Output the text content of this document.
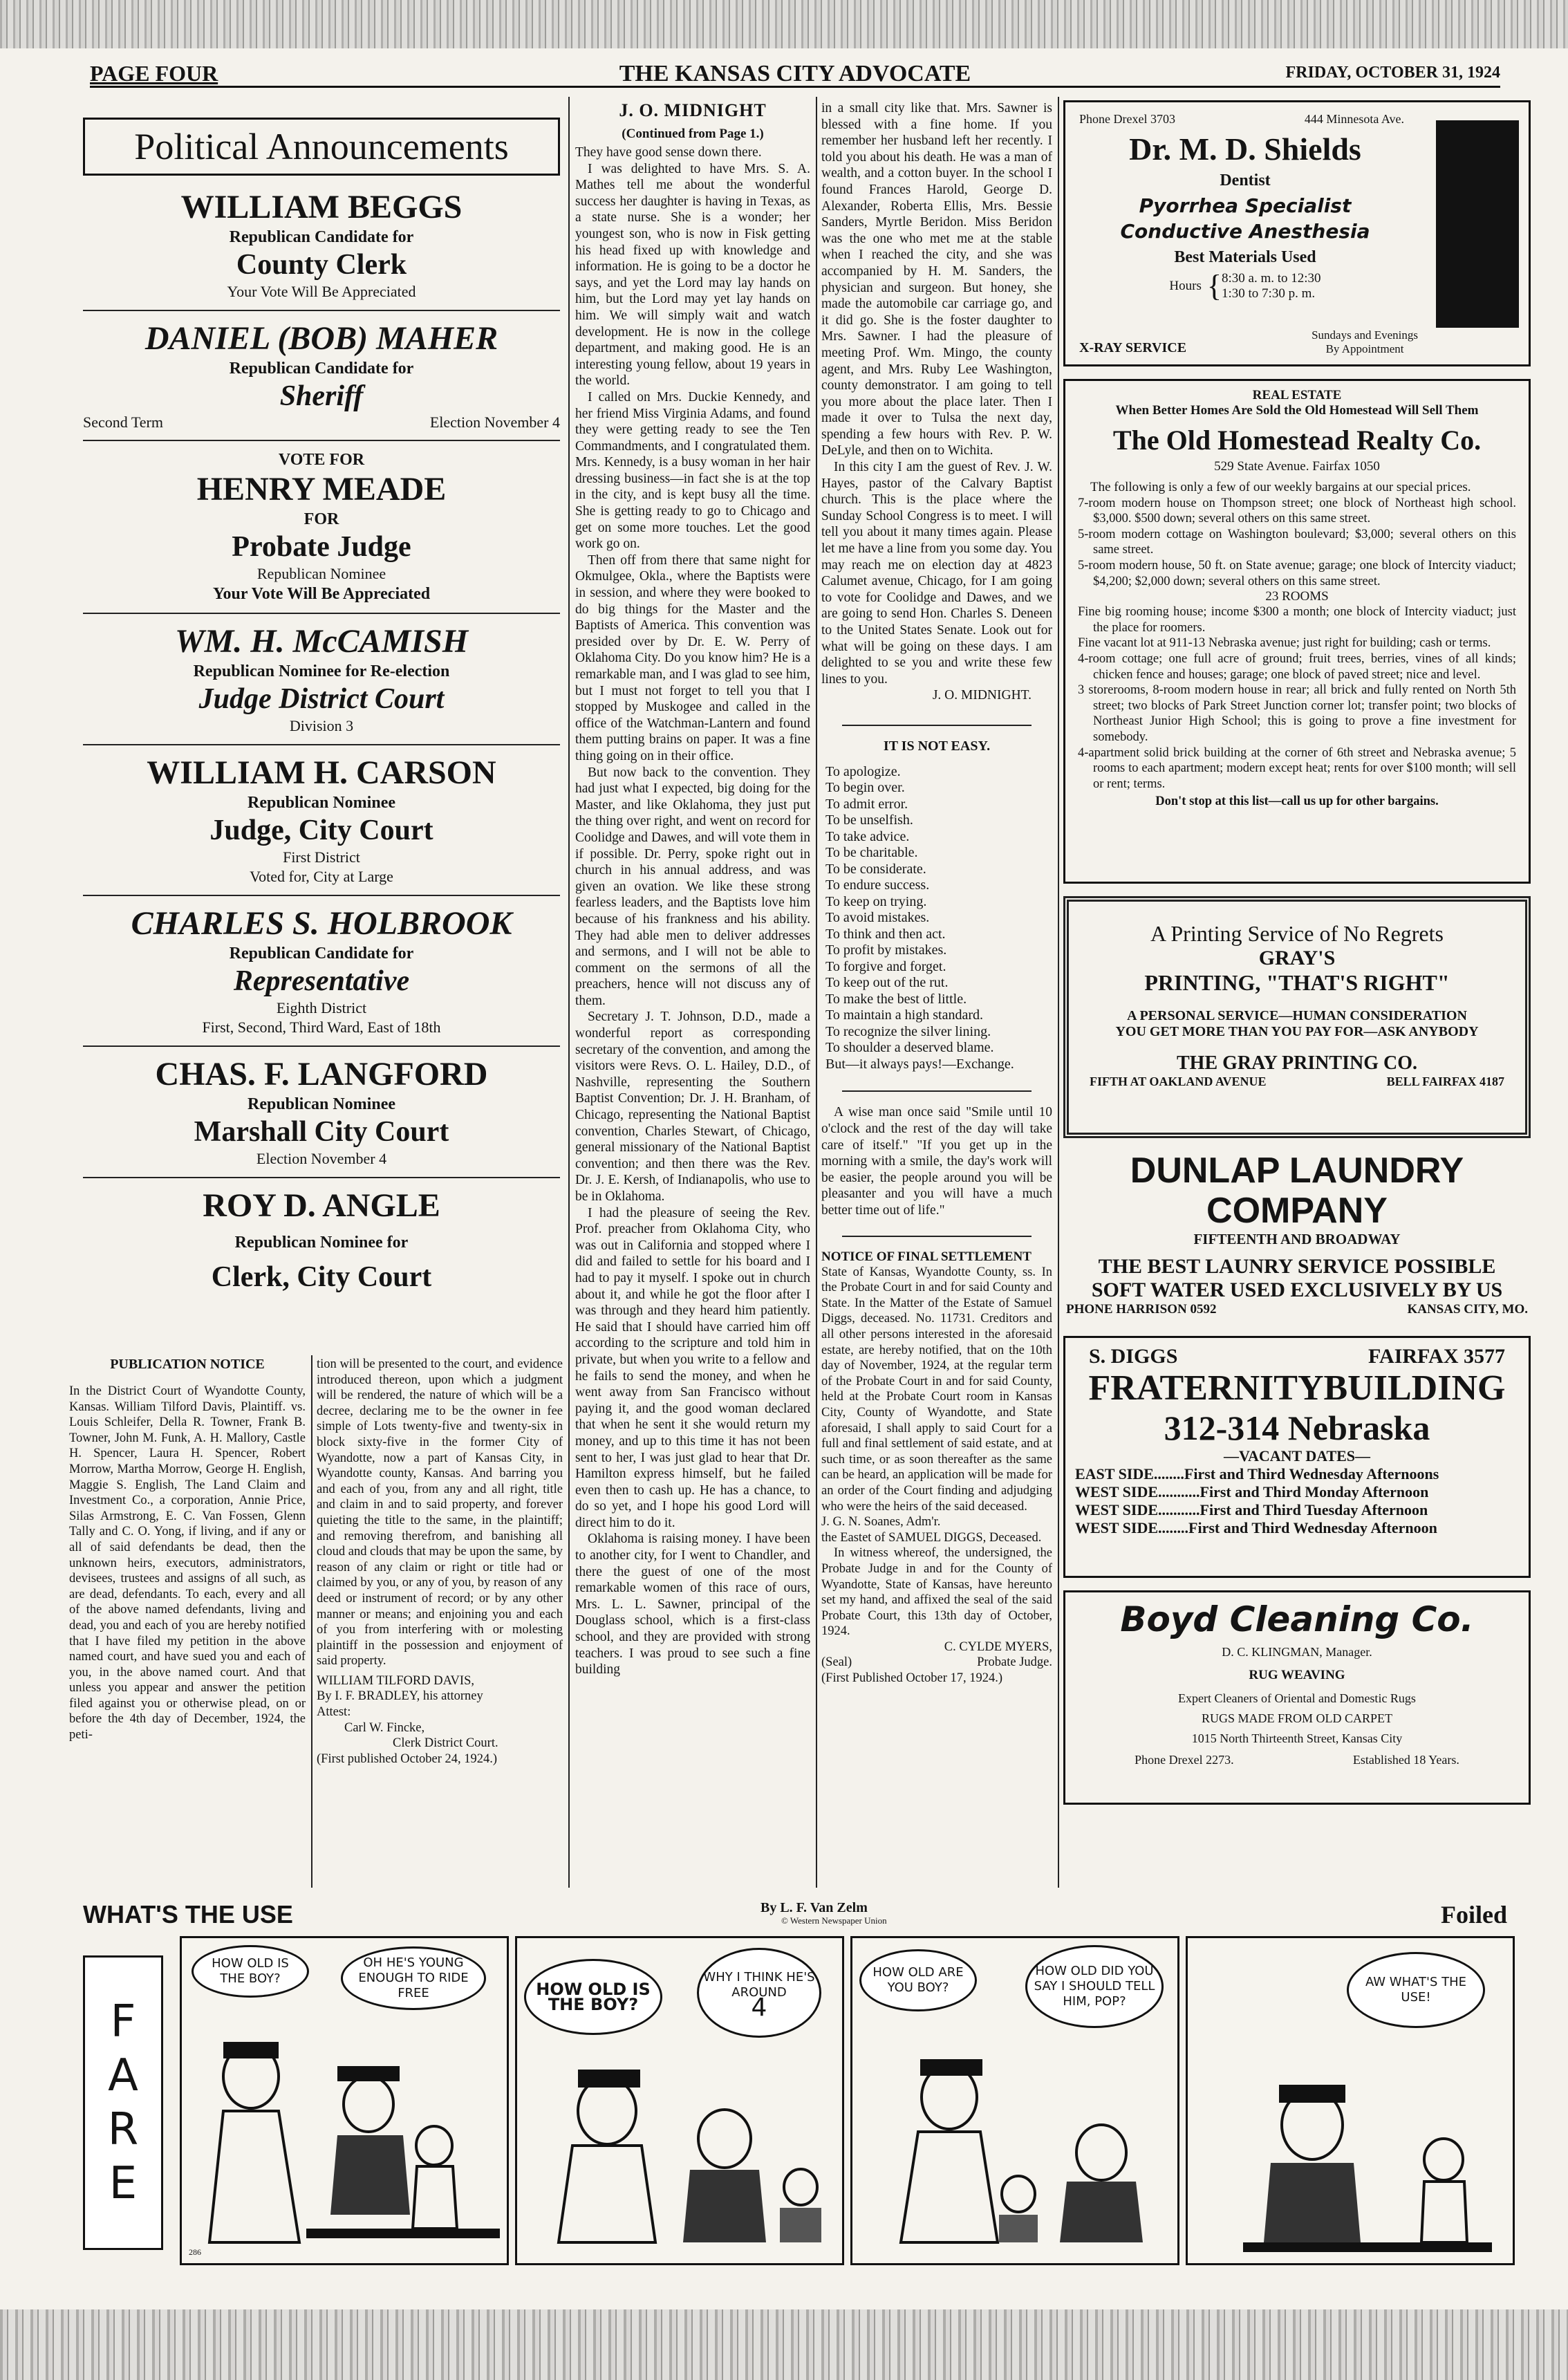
PAGE FOUR	THE KANSAS CITY ADVOCATE	FRIDAY, OCTOBER 31, 1924
Political Announcements
WILLIAM BEGGS
Republican Candidate for
County Clerk
Your Vote Will Be Appreciated
DANIEL (BOB) MAHER
Republican Candidate for
Sheriff
Second Term	Election November 4
VOTE FOR
HENRY MEADE
FOR
Probate Judge
Republican Nominee
Your Vote Will Be Appreciated
WM. H. McCAMISH
Republican Nominee for Re-election
Judge District Court
Division 3
WILLIAM H. CARSON
Republican Nominee
Judge, City Court
First District
Voted for, City at Large
CHARLES S. HOLBROOK
Republican Candidate for
Representative
Eighth District
First, Second, Third Ward, East of 18th
CHAS. F. LANGFORD
Republican Nominee
Marshall City Court
Election November 4
ROY D. ANGLE
Republican Nominee for
Clerk, City Court
PUBLICATION NOTICE

In the District Court of Wyandotte County, Kansas. William Tilford Davis, Plaintiff. vs. Louis Schleifer, Della R. Towner, Frank B. Towner, John M. Funk, A. H. Mallory, Castle H. Spencer, Laura H. Spencer, Robert Morrow, Martha Morrow, George H. English, Maggie S. English, The Land Claim and Investment Co., a corporation, Annie Price, Silas Armstrong, E. C. Van Fossen, Glenn Tally and C. O. Yong, if living, and if any or all of said defendants be dead, then the unknown heirs, executors, administrators, devisees, trustees and assigns of all such, as are dead, defendants. To each, every and all of the above named defendants, living and dead, you and each of you are hereby notified that I have filed my petition in the above named court, and have sued you and each of you, in the above named court. And that unless you appear and answer the petition filed against you or otherwise plead, on or before the 4th day of December, 1924, the peti-

tion will be presented to the court, and evidence introduced thereon, upon which a judgment will be rendered, the nature of which will be a decree, declaring me to be the owner in fee simple of Lots twenty-five and twenty-six in block sixty-five in the former City of Wyandotte, now a part of Kansas City, in Wyandotte county, Kansas. And barring you and each of you, from any and all right, title and claim in and to said property, and forever quieting the title to the same, in the plaintiff; and removing therefrom, and banishing all cloud and clouds that may be upon the same, by reason of any claim or right or title had or claimed by you, or any of you, by reason of any deed or instrument of record; or by any other manner or means; and enjoining you and each of you from interfering with or molesting plaintiff in the possession and enjoyment of said property.

WILLIAM TILFORD DAVIS,
By I. F. BRADLEY, his attorney
Attest:
Carl W. Fincke,
Clerk District Court.
(First published October 24, 1924.)
J. O. MIDNIGHT
(Continued from Page 1.)

They have good sense down there.

I was delighted to have Mrs. S. A. Mathes tell me about the wonderful success her daughter is having in Texas, as a state nurse. She is a wonder; her youngest son, who is now in Fisk getting his head fixed up with knowledge and information. He is going to be a doctor he says, and yet the Lord may lay hands on him, but the Lord may yet lay hands on him. We will simply wait and watch development. He is now in the college department, and making good. He is an interesting young fellow, about 19 years in the world.

I called on Mrs. Duckie Kennedy, and her friend Miss Virginia Adams, and found they were getting ready to see the Ten Commandments, and I congratulated them. Mrs. Kennedy, is a busy woman in her hair dressing business—in fact she is at the top in the city, and is kept busy all the time. She is getting ready to go to Chicago and get on some more touches. Let the good work go on.

Then off from there that same night for Okmulgee, Okla., where the Baptists were in session, and where they were booked to do big things for the Master and the Baptists of America. This convention was presided over by Dr. E. W. Perry of Oklahoma City. Do you know him? He is a remarkable man, and I was glad to see him, but I must not forget to tell you that I stopped by Muskogee and called in the office of the Watchman-Lantern and found them putting brains on paper. It was a fine thing going on in their office.

But now back to the convention. They had just what I expected, big doing for the Master, and like Oklahoma, they just put the thing over right, and went on record for Coolidge and Dawes, and will vote them in if possible. Dr. Perry, spoke right out in church in his annual address, and was given an ovation. We like these strong fearless leaders, and the Baptists love him because of his frankness and his ability. They had able men to deliver addresses and sermons, and I will not be able to comment on the sermons of all the preachers, hence will not discuss any of them.

Secretary J. T. Johnson, D.D., made a wonderful report as corresponding secretary of the convention, and among the visitors were Revs. O. L. Hailey, D.D., of Nashville, representing the Southern Baptist Convention; Dr. J. H. Branham, of Chicago, representing the National Baptist convention, Charles Stewart, of Chicago, general missionary of the National Baptist convention; and then there was the Rev. Dr. J. E. Kersh, of Indianapolis, who use to be in Oklahoma.

I had the pleasure of seeing the Rev. Prof. preacher from Oklahoma City, who was out in California and stopped where I did and failed to settle for his board and I had to pay it myself. I spoke out in church about it, and while he got the floor after I was through and they heard him patiently. He said that I should have carried him off according to the scripture and told him in private, but when you write to a fellow and he fails to send the money, and when he went away from San Francisco without paying it, and the good woman declared that when he sent it she would return my money, and up to this time it has not been sent to her, I was just glad to hear that Dr. Hamilton express himself, but he failed even then to cash up. He has a chance, to do so yet, and I hope his good Lord will direct him to do it.

Oklahoma is raising money. I have been to another city, for I went to Chandler, and there the guest of one of the most remarkable women of this race of ours, Mrs. L. L. Sawner, principal of the Douglass school, which is a first-class school, and they are provided with strong teachers. I was proud to see such a fine building

in a small city like that. Mrs. Sawner is blessed with a fine home. If you remember her husband left her recently. I told you about his death. He was a man of wealth, and a cotton buyer. In the school I found Frances Harold, George D. Alexander, Roberta Ellis, Mrs. Bessie Sanders, Myrtle Beridon. Miss Beridon was the one who met me at the stable when I reached the city, and she was accompanied by H. M. Sanders, the physician and surgeon. But honey, she made the automobile car carriage go, and it did go. She is the foster daughter to Mrs. Sawner. I had the pleasure of meeting Prof. Wm. Mingo, the county agent, and Mrs. Ruby Lee Washington, county demonstrator. I am going to tell you more about the place later. Then I made it over to Tulsa the next day, spending a few hours with Rev. P. W. DeLyle, and then on to Wichita.

In this city I am the guest of Rev. J. W. Hayes, pastor of the Calvary Baptist church. This is the place where the Sunday School Congress is to meet. I will tell you about it many times again. Please let me have a line from you some day. You may reach me on election day at 4823 Calumet avenue, Chicago, for I am going to vote for Coolidge and Dawes, and we are going to send Hon. Charles S. Deneen to the United States Senate. Look out for what will be going on these days. I am delighted to se you and write these few lines to you.

J. O. MIDNIGHT.
IT IS NOT EASY.

To apologize.

To begin over.

To admit error.

To be unselfish.

To take advice.

To be charitable.

To be considerate.

To endure success.

To keep on trying.

To avoid mistakes.

To think and then act.

To profit by mistakes.

To forgive and forget.

To keep out of the rut.

To make the best of little.

To maintain a high standard.

To recognize the silver lining.

To shoulder a deserved blame.

But—it always pays!—Exchange.

A wise man once said "Smile until 10 o'clock and the rest of the day will take care of itself." "If you get up in the morning with a smile, the day's work will be easier, the people around you will be pleasanter and you will have a much better time out of life."

NOTICE OF FINAL SETTLEMENT

State of Kansas, Wyandotte County, ss. In the Probate Court in and for said County and State. In the Matter of the Estate of Samuel Diggs, deceased. No. 11731. Creditors and all other persons interested in the aforesaid estate, are hereby notified, that on the 10th day of November, 1924, at the regular term of the Probate Court in and for said County, held at the Probate Court room in Kansas City, County of Wyandotte, and State aforesaid, I shall apply to said Court for a full and final settlement of said estate, and at such time, or as soon thereafter as the same can be heard, an application will be made for an order of the Court finding and adjudging who were the heirs of the said deceased.

J. G. N. Soanes, Adm'r.
the Eastet of SAMUEL DIGGS, Deceased.

In witness whereof, the undersigned, the Probate Judge in and for the County of Wyandotte, State of Kansas, have hereunto set my hand, and affixed the seal of the said Probate Court, this 13th day of October, 1924.

C. CYLDE MYERS,
(Seal)	Probate Judge.
(First Published October 17, 1924.)
Phone Drexel 3703	444 Minnesota Ave.
Dr. M. D. Shields
Dentist
Pyorrhea Specialist
Conductive Anesthesia
Best Materials Used
Hours { 8:30 a. m. to 12:30
1:30 to 7:30 p. m.
X-RAY SERVICE
Sundays and Evenings
By Appointment
REAL ESTATE
When Better Homes Are Sold the Old Homestead Will Sell Them
The Old Homestead Realty Co.
529 State Avenue. Fairfax 1050

The following is only a few of our weekly bargains at our special prices.

7-room modern house on Thompson street; one block of Northeast high school. $3,000. $500 down; several others on this same street.

5-room modern cottage on Washington boulevard; $3,000; several others on this same street.

5-room modern house, 50 ft. on State avenue; garage; one block of Intercity viaduct; $4,200; $2,000 down; several others on this same street.

23 ROOMS

Fine big rooming house; income $300 a month; one block of Intercity viaduct; just the place for roomers.

Fine vacant lot at 911-13 Nebraska avenue; just right for building; cash or terms.

4-room cottage; one full acre of ground; fruit trees, berries, vines of all kinds; chicken fence and houses; garage; one block of paved street; nice and level.

3 storerooms, 8-room modern house in rear; all brick and fully rented on North 5th street; two blocks of Park Street Junction corner lot; transfer point; two blocks of Northeast Junior High School; this is going to prove a fine investment for somebody.

4-apartment solid brick building at the corner of 6th street and Nebraska avenue; 5 rooms to each apartment; modern except heat; rents for over $100 month; will sell or rent; terms.

Don't stop at this list—call us up for other bargains.
A Printing Service of No Regrets
GRAY'S
PRINTING, "THAT'S RIGHT"
A PERSONAL SERVICE—HUMAN CONSIDERATION
YOU GET MORE THAN YOU PAY FOR—ASK ANYBODY
THE GRAY PRINTING CO.
FIFTH AT OAKLAND AVENUE	BELL FAIRFAX 4187
DUNLAP LAUNDRY
COMPANY
FIFTEENTH AND BROADWAY
THE BEST LAUNRY SERVICE POSSIBLE
SOFT WATER USED EXCLUSIVELY BY US
PHONE HARRISON 0592	KANSAS CITY, MO.
S. DIGGS	FAIRFAX 3577
FRATERNITYBUILDING
312-314 Nebraska
—VACANT DATES—
EAST SIDE........First and Third Wednesday Afternoons
WEST SIDE...........First and Third Monday Afternoon
WEST SIDE...........First and Third Tuesday Afternoon
WEST SIDE........First and Third Wednesday Afternoon
Boyd Cleaning Co.
D. C. KLINGMAN, Manager.
RUG WEAVING
Expert Cleaners of Oriental and Domestic Rugs
RUGS MADE FROM OLD CARPET
1015 North Thirteenth Street, Kansas City
Phone Drexel 2273.	Established 18 Years.
WHAT'S THE USE	By L. F. Van Zelm
© Western Newspaper Union	Foiled
F
A
R
E
HOW OLD IS THE BOY?
OH HE'S YOUNG ENOUGH TO RIDE FREE
286
HOW OLD IS THE BOY?
WHY I THINK HE'S AROUND
4
HOW OLD ARE YOU BOY?
HOW OLD DID YOU SAY I SHOULD TELL HIM, POP?
AW WHAT'S THE USE!
